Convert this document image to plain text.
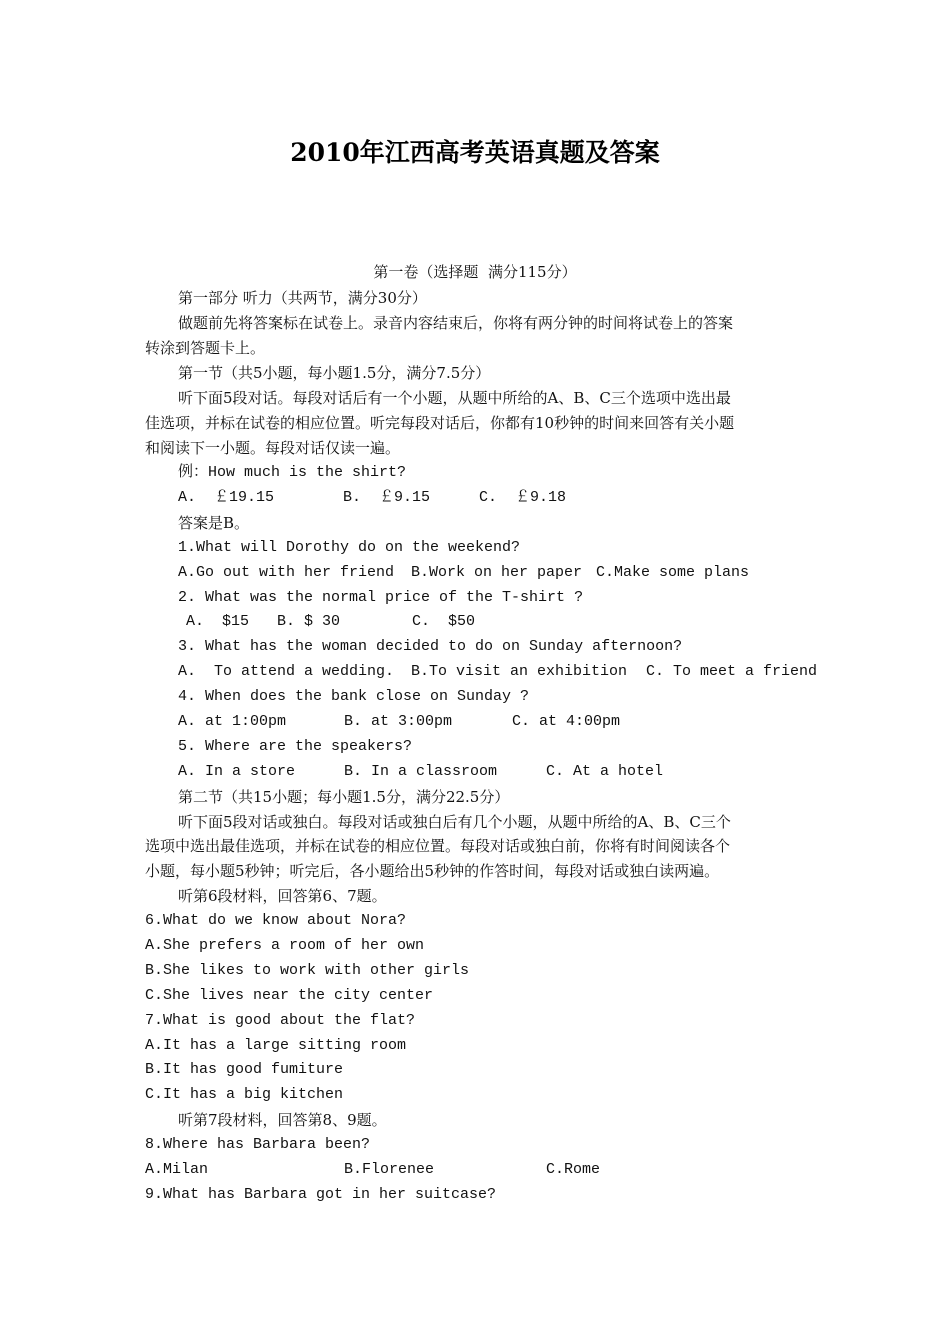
2010年江西高考英语真题及答案
第一卷（选择题  满分115分）
第一部分 听力（共两节，满分30分）
做题前先将答案标在试卷上。录音内容结束后，你将有两分钟的时间将试卷上的答案
转涂到答题卡上。
第一节（共5小题，每小题1.5分，满分7.5分）
听下面5段对话。每段对话后有一个小题，从题中所给的A、B、C三个选项中选出最
佳选项，并标在试卷的相应位置。听完每段对话后，你都有10秒钟的时间来回答有关小题
和阅读下一小题。每段对话仅读一遍。
例：How much is the shirt?
A.  ￡19.15	B.  ￡9.15	C.  ￡9.18
答案是B。
1.What will Dorothy do on the weekend?
A.Go out with her friend B.Work on her paper C.Make some plans
2. What was the normal price of the T-shirt ?
A.  $15 B. $ 30	C.  $50
3. What has the woman decided to do on Sunday afternoon?
A.  To attend a wedding. B.To visit an exhibition C. To meet a friend
4. When does the bank close on Sunday ?
A. at 1:00pm	B. at 3:00pm	C. at 4:00pm
5. Where are the speakers?
A. In a store	B. In a classroom	C. At a hotel
第二节（共15小题；每小题1.5分，满分22.5分）
听下面5段对话或独白。每段对话或独白后有几个小题，从题中所给的A、B、C三个
选项中选出最佳选项，并标在试卷的相应位置。每段对话或独白前，你将有时间阅读各个
小题，每小题5秒钟；听完后，各小题给出5秒钟的作答时间，每段对话或独白读两遍。
听第6段材料，回答第6、7题。
6.What do we know about Nora?
A.She prefers a room of her own
B.She likes to work with other girls
C.She lives near the city center
7.What is good about the flat?
A.It has a large sitting room
B.It has good fumiture
C.It has a big kitchen
听第7段材料，回答第8、9题。
8.Where has Barbara been?
A.Milan	B.Florenee	C.Rome
9.What has Barbara got in her suitcase?
